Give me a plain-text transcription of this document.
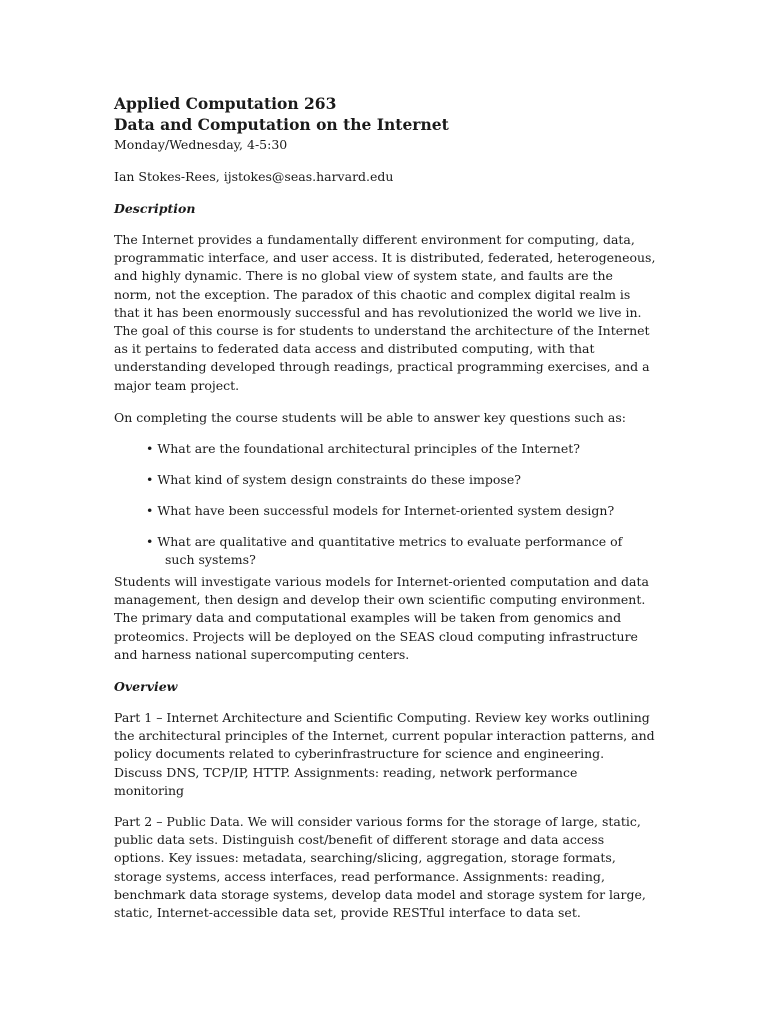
Applied Computation 263
Data and Computation on the Internet
Monday/Wednesday, 4-5:30
Ian Stokes-Rees, ijstokes@seas.harvard.edu
Description
The Internet provides a fundamentally different environment for computing, data,
programmatic interface, and user access. It is distributed, federated, heterogeneous,
and highly dynamic. There is no global view of system state, and faults are the
norm, not the exception. The paradox of this chaotic and complex digital realm is
that it has been enormously successful and has revolutionized the world we live in.
The goal of this course is for students to understand the architecture of the Internet
as it pertains to federated data access and distributed computing, with that
understanding developed through readings, practical programming exercises, and a
major team project.
On completing the course students will be able to answer key questions such as:
• What are the foundational architectural principles of the Internet?
• What kind of system design constraints do these impose?
• What have been successful models for Internet-oriented system design?
• What are qualitative and quantitative metrics to evaluate performance of
such systems?
Students will investigate various models for Internet-oriented computation and data
management, then design and develop their own scientific computing environment.
The primary data and computational examples will be taken from genomics and
proteomics. Projects will be deployed on the SEAS cloud computing infrastructure
and harness national supercomputing centers.
Overview
Part 1 – Internet Architecture and Scientific Computing. Review key works outlining
the architectural principles of the Internet, current popular interaction patterns, and
policy documents related to cyberinfrastructure for science and engineering.
Discuss DNS, TCP/IP, HTTP. Assignments: reading, network performance
monitoring
Part 2 – Public Data. We will consider various forms for the storage of large, static,
public data sets. Distinguish cost/benefit of different storage and data access
options. Key issues: metadata, searching/slicing, aggregation, storage formats,
storage systems, access interfaces, read performance. Assignments: reading,
benchmark data storage systems, develop data model and storage system for large,
static, Internet-accessible data set, provide RESTful interface to data set.
